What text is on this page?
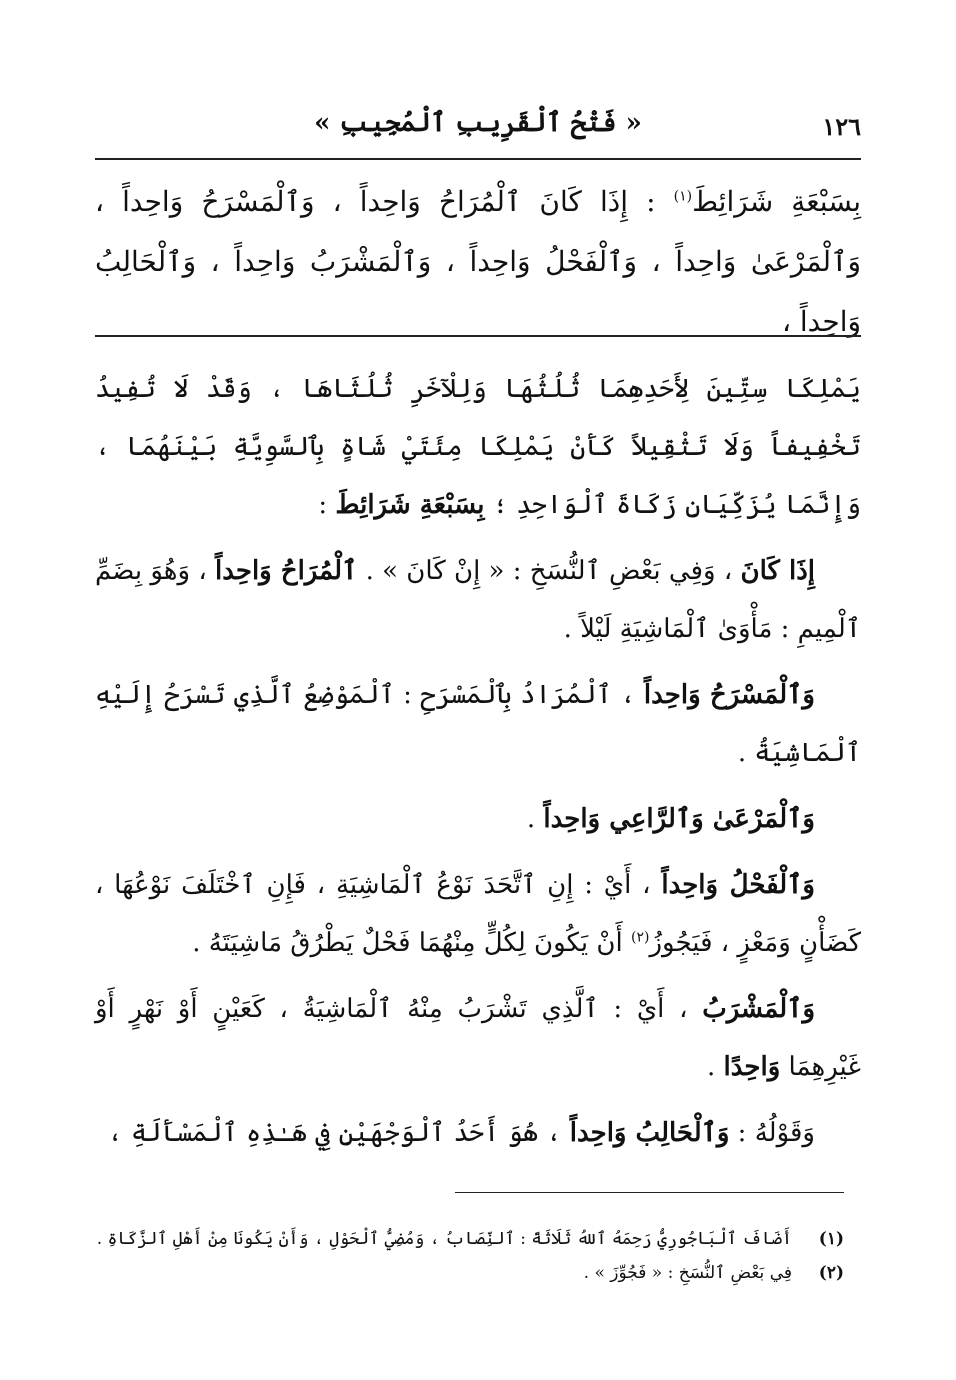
١٢٦
« فَتْحُ ٱلْقَرِيبِ ٱلْمُجِيبِ »
بِسَبْعَةِ شَرَائِطَ$^{(١)}$ : إِذَا كَانَ ٱلْمُرَاحُ وَاحِداً ، وَٱلْمَسْرَحُ وَاحِداً ، وَٱلْمَرْعَىٰ وَاحِداً ، وَٱلْفَحْلُ وَاحِداً ، وَٱلْمَشْرَبُ وَاحِداً ، وَٱلْحَالِبُ وَاحِداً ،

يَمْلِكَا سِتِّينَ لِأَحَدِهِمَا ثُلُثُهَا وَلِلْآخَرِ ثُلُثَاهَا ، وَقَدْ لَا تُفِيدُ تَخْفِيفاً وَلَا تَثْقِيلاً كَأَنْ يَمْلِكَا مِئَتَيْ شَاةٍ بِٱلسَّوِيَّةِ بَيْنَهُمَا ، وَإِنَّمَا يُزَكِّيَانِ زَكَاةَ ٱلْوَاحِدِ ؛ بِسَبْعَةِ شَرَائِطَ :

إِذَا كَانَ ، وَفِي بَعْضِ ٱلنُّسَخِ : « إِنْ كَانَ » . ٱلْمُرَاحُ وَاحِداً ، وَهُوَ بِضَمِّ ٱلْمِيمِ : مَأْوَىٰ ٱلْمَاشِيَةِ لَيْلاً .

وَٱلْمَسْرَحُ وَاحِداً ، ٱلْمُرَادُ بِٱلْمَسْرَحِ : ٱلْمَوْضِعُ ٱلَّذِي تَسْرَحُ إِلَيْهِ ٱلْمَاشِيَةُ .

وَٱلْمَرْعَىٰ وَٱلرَّاعِي وَاحِداً .

وَٱلْفَحْلُ وَاحِداً ، أَيْ : إِنِ ٱتَّحَدَ نَوْعُ ٱلْمَاشِيَةِ ، فَإِنِ ٱخْتَلَفَ نَوْعُهَا ، كَضَأْنٍ وَمَعْزٍ ، فَيَجُوزُ$^{(٢)}$ أَنْ يَكُونَ لِكُلٍّ مِنْهُمَا فَحْلٌ يَطْرُقُ مَاشِيَتَهُ .

وَٱلْمَشْرَبُ ، أَيْ : ٱلَّذِي تَشْرَبُ مِنْهُ ٱلْمَاشِيَةُ ، كَعَيْنٍ أَوْ نَهْرٍ أَوْ غَيْرِهِمَا وَاحِدًا .

وَقَوْلُهُ : وَٱلْحَالِبُ وَاحِداً ، هُوَ أَحَدُ ٱلْوَجْهَيْنِ فِي هَـٰذِهِ ٱلْمَسْأَلَةِ ،

(١)
أَضَافَ ٱلْبَاجُورِيُّ رَحِمَهُ ٱللهُ ثَلَاثَةً : ٱلنِّصَابُ ، وَمُضِيُّ ٱلْحَوْلِ ، وَأَنْ يَكُونَا مِنْ أَهْلِ ٱلزَّكَاةِ .
(٢)
فِي بَعْضِ ٱلنُّسَخِ : « فَجُوِّزَ » .
